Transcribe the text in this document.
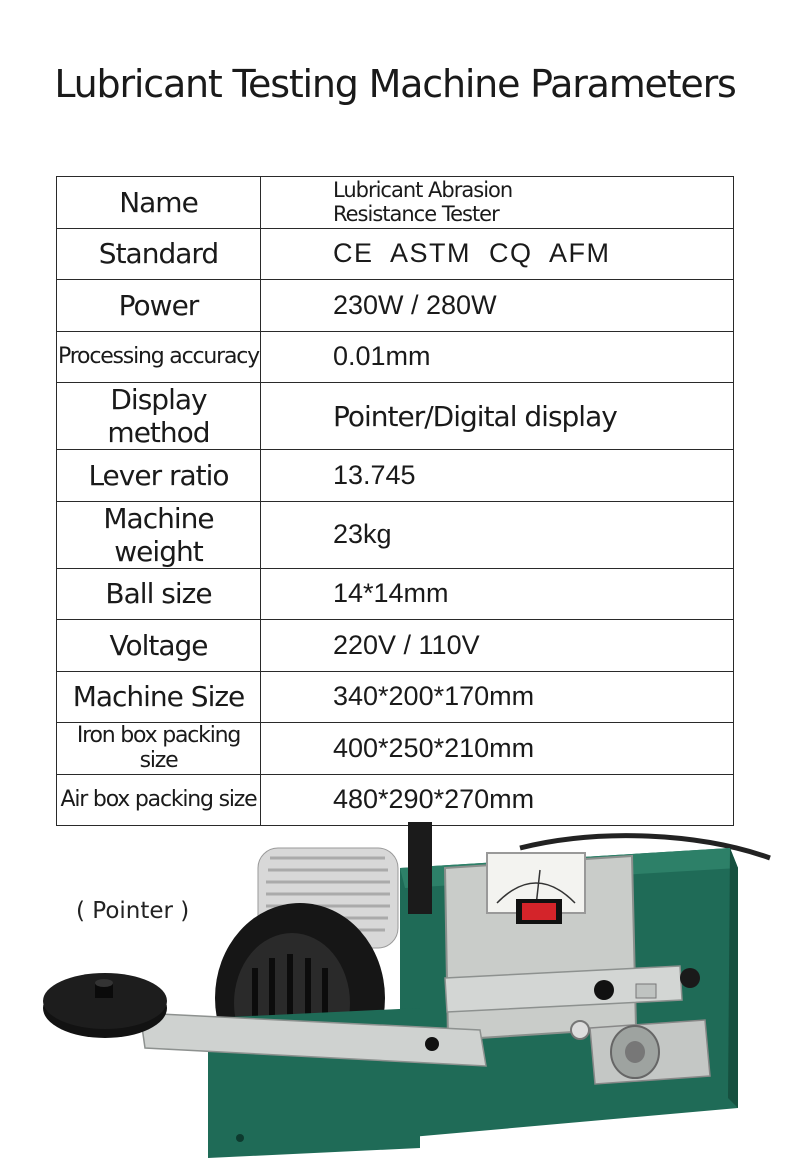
Lubricant Testing Machine Parameters
Name	Lubricant Abrasion Resistance Tester
Standard	CE  ASTM  CQ  AFM
Power	230W / 280W
Processing accuracy	0.01mm
Display method	Pointer/Digital display
Lever ratio	13.745
Machine weight	23kg
Ball size	14*14mm
Voltage	220V / 110V
Machine Size	340*200*170mm
Iron box packing size	400*250*210mm
Air box packing size	480*290*270mm
( Pointer )
